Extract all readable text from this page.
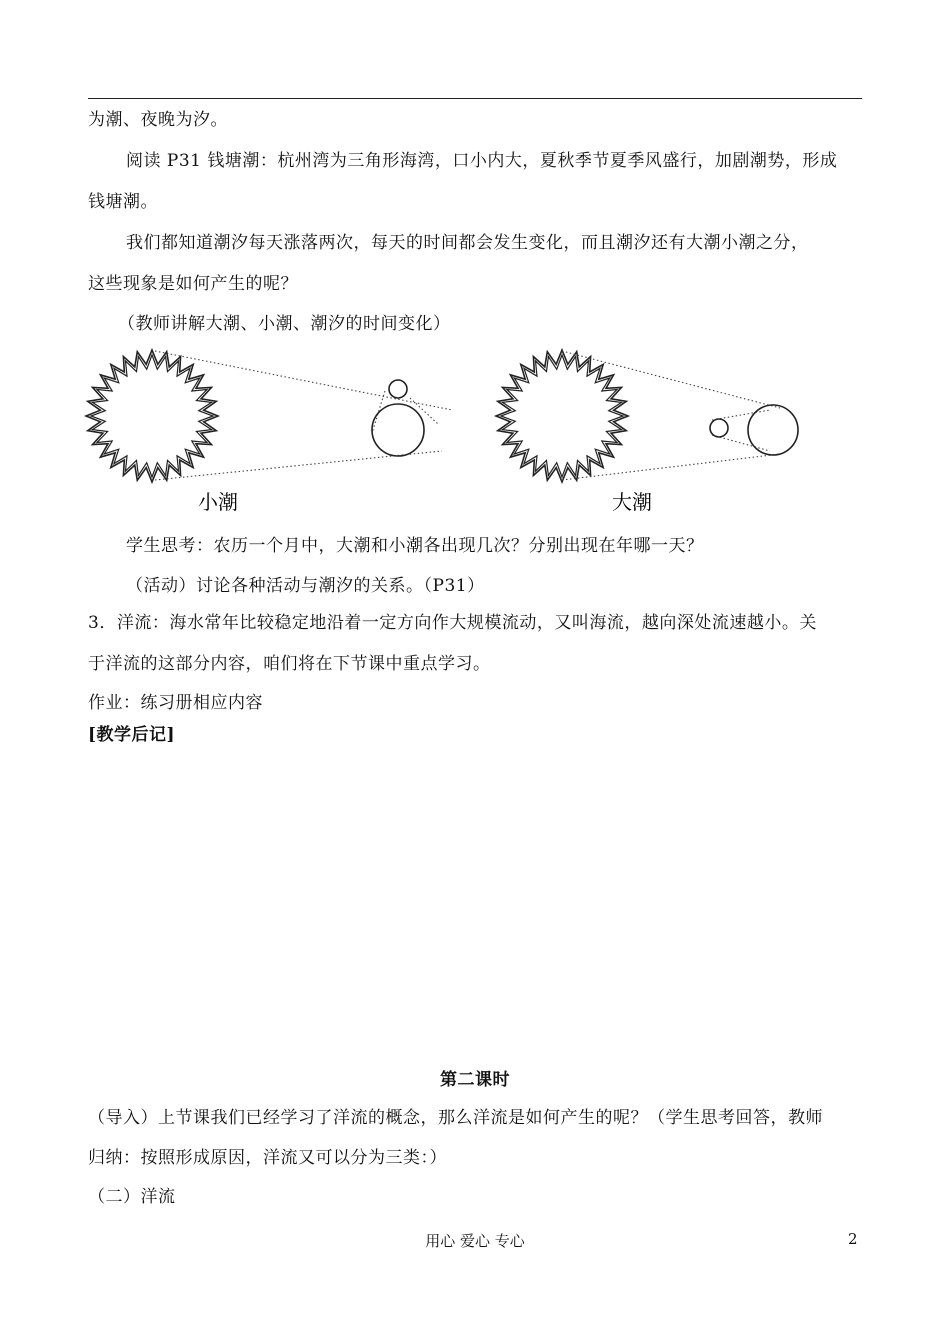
为潮、夜晚为汐。
阅读 P31 钱塘潮：杭州湾为三角形海湾，口小内大，夏秋季节夏季风盛行，加剧潮势，形成
钱塘潮。
我们都知道潮汐每天涨落两次，每天的时间都会发生变化，而且潮汐还有大潮小潮之分，
这些现象是如何产生的呢？
（教师讲解大潮、小潮、潮汐的时间变化）
小潮	大潮
学生思考：农历一个月中，大潮和小潮各出现几次？分别出现在年哪一天？
（活动）讨论各种活动与潮汐的关系。（P31）
3．洋流：海水常年比较稳定地沿着一定方向作大规模流动，又叫海流，越向深处流速越小。关
于洋流的这部分内容，咱们将在下节课中重点学习。
作业：练习册相应内容
[教学后记]
第二课时
（导入）上节课我们已经学习了洋流的概念，那么洋流是如何产生的呢？（学生思考回答，教师
归纳：按照形成原因，洋流又可以分为三类：）
（二）洋流
用心 爱心 专心	2
